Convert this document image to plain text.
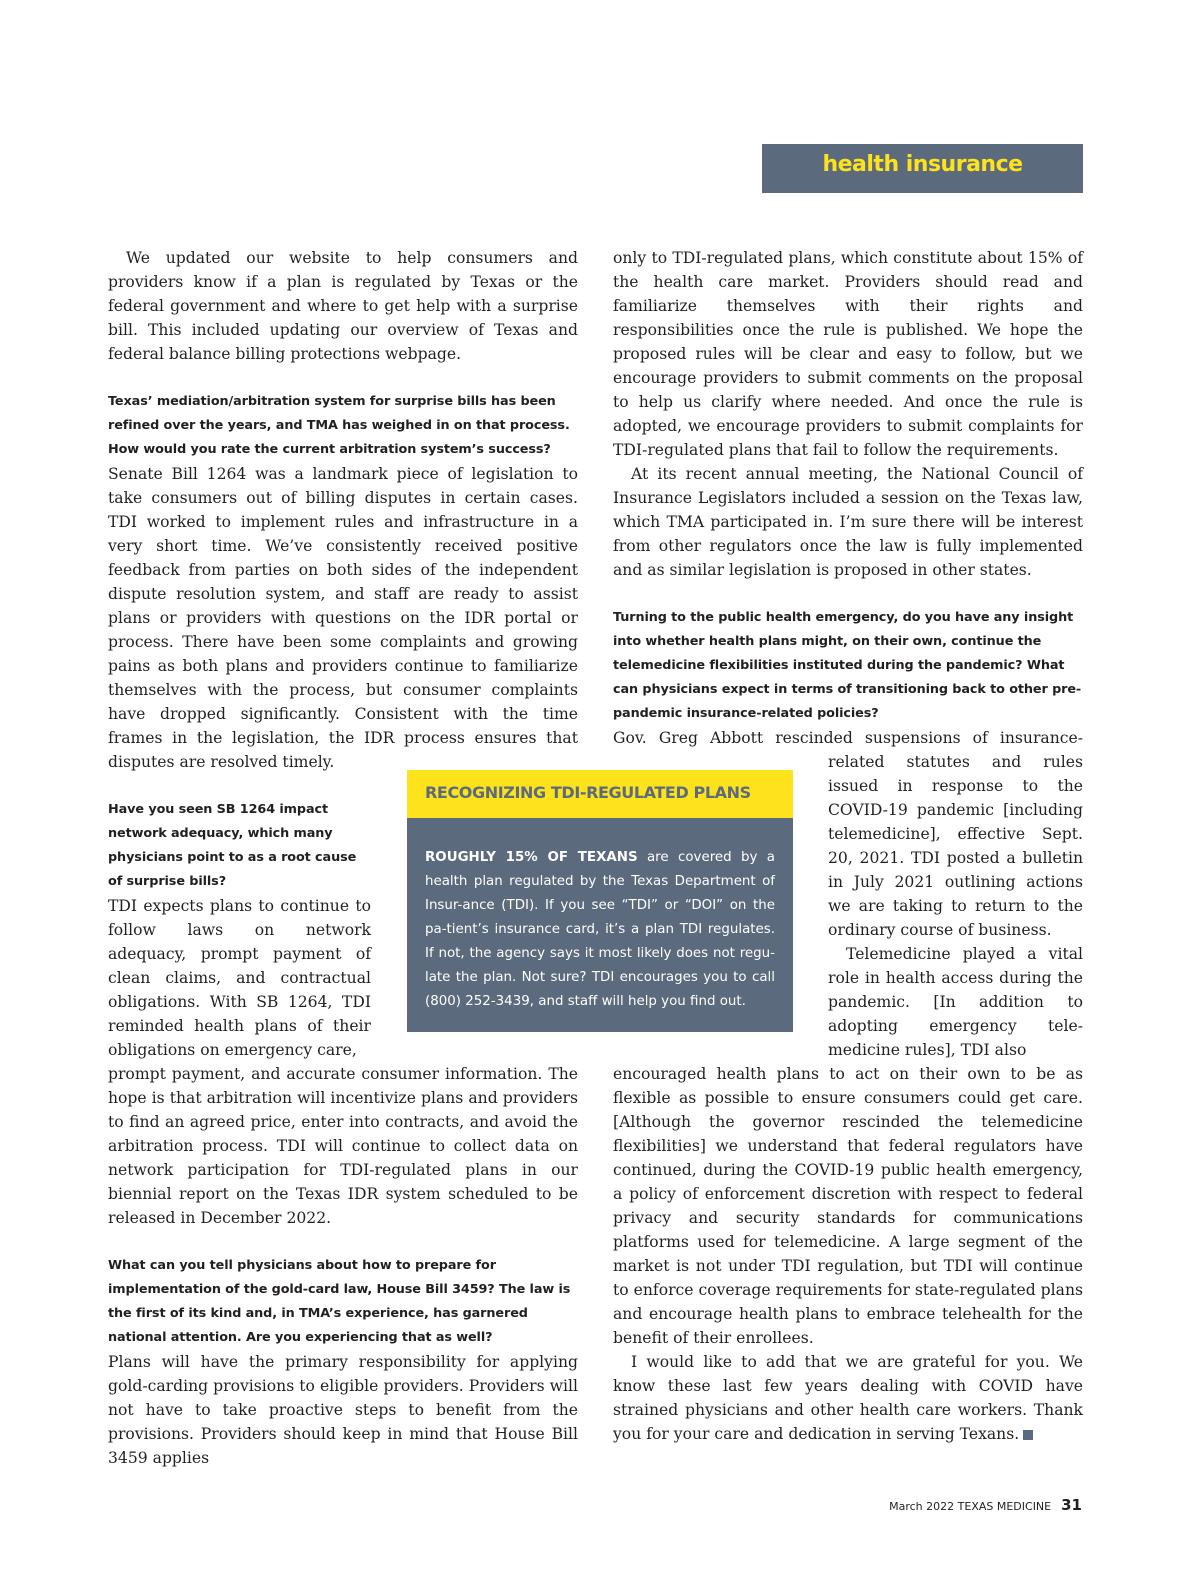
health insurance

We updated our website to help consumers and providers know if a plan is regulated by Texas or the federal government and where to get help with a surprise bill. This included updating our overview of Texas and federal balance billing protections webpage.

Texas’ mediation/arbitration system for surprise bills has been refined over the years, and TMA has weighed in on that process. How would you rate the current arbitration system’s success?

Senate Bill 1264 was a landmark piece of legislation to take consumers out of billing disputes in certain cases. TDI worked to implement rules and infrastructure in a very short time. We’ve consistently received positive feedback from parties on both sides of the independent dispute resolution system, and staff are ready to assist plans or providers with questions on the IDR portal or process. There have been some complaints and growing pains as both plans and providers continue to familiarize themselves with the process, but consumer complaints have dropped significantly. Consistent with the time frames in the legislation, the IDR process ensures that disputes are resolved timely.

Have you seen SB 1264 impact network adequacy, which many physicians point to as a root cause of surprise bills?

TDI expects plans to continue to follow laws on network adequacy, prompt payment of clean claims, and contractual obligations. With SB 1264, TDI reminded health plans of their obligations on emergency care,

prompt payment, and accurate consumer information. The hope is that arbitration will incentivize plans and providers to find an agreed price, enter into contracts, and avoid the arbitration process. TDI will continue to collect data on network participation for TDI-regulated plans in our biennial report on the Texas IDR system scheduled to be released in December 2022.

What can you tell physicians about how to prepare for implementation of the gold-card law, House Bill 3459? The law is the first of its kind and, in TMA’s experience, has garnered national attention. Are you experiencing that as well?

Plans will have the primary responsibility for applying gold-carding provisions to eligible providers. Providers will not have to take proactive steps to benefit from the provisions. Providers should keep in mind that House Bill 3459 applies

only to TDI-regulated plans, which constitute about 15% of the health care market. Providers should read and familiarize themselves with their rights and responsibilities once the rule is published. We hope the proposed rules will be clear and easy to follow, but we encourage providers to submit comments on the proposal to help us clarify where needed. And once the rule is adopted, we encourage providers to submit complaints for TDI-regulated plans that fail to follow the requirements.

At its recent annual meeting, the National Council of Insurance Legislators included a session on the Texas law, which TMA participated in. I’m sure there will be interest from other regulators once the law is fully implemented and as similar legislation is proposed in other states.

Turning to the public health emergency, do you have any insight into whether health plans might, on their own, continue the telemedicine flexibilities instituted during the pandemic? What can physicians expect in terms of transitioning back to other pre-pandemic insurance-related policies?

Gov. Greg Abbott rescinded suspensions of insurance-

related statutes and rules issued in response to the COVID-19 pandemic [including telemedicine], effective Sept. 20, 2021. TDI posted a bulletin in July 2021 outlining actions we are taking to return to the ordinary course of business.

Telemedicine played a vital role in health access during the pandemic. [In addition to adopting emergency tele-medicine rules], TDI also

encouraged health plans to act on their own to be as flexible as possible to ensure consumers could get care. [Although the governor rescinded the telemedicine flexibilities] we understand that federal regulators have continued, during the COVID-19 public health emergency, a policy of enforcement discretion with respect to federal privacy and security standards for communications platforms used for telemedicine. A large segment of the market is not under TDI regulation, but TDI will continue to enforce coverage requirements for state-regulated plans and encourage health plans to embrace telehealth for the benefit of their enrollees.

I would like to add that we are grateful for you. We know these last few years dealing with COVID have strained physicians and other health care workers. Thank you for your care and dedication in serving Texans.

RECOGNIZING TDI-REGULATED PLANS
ROUGHLY 15% OF TEXANS are covered by a health plan regulated by the Texas Department of Insur-ance (TDI). If you see “TDI” or “DOI” on the pa-tient’s insurance card, it’s a plan TDI regulates. If not, the agency says it most likely does not regu-late the plan. Not sure? TDI encourages you to call (800) 252-3439, and staff will help you find out.
March 2022 TEXAS MEDICINE 31
